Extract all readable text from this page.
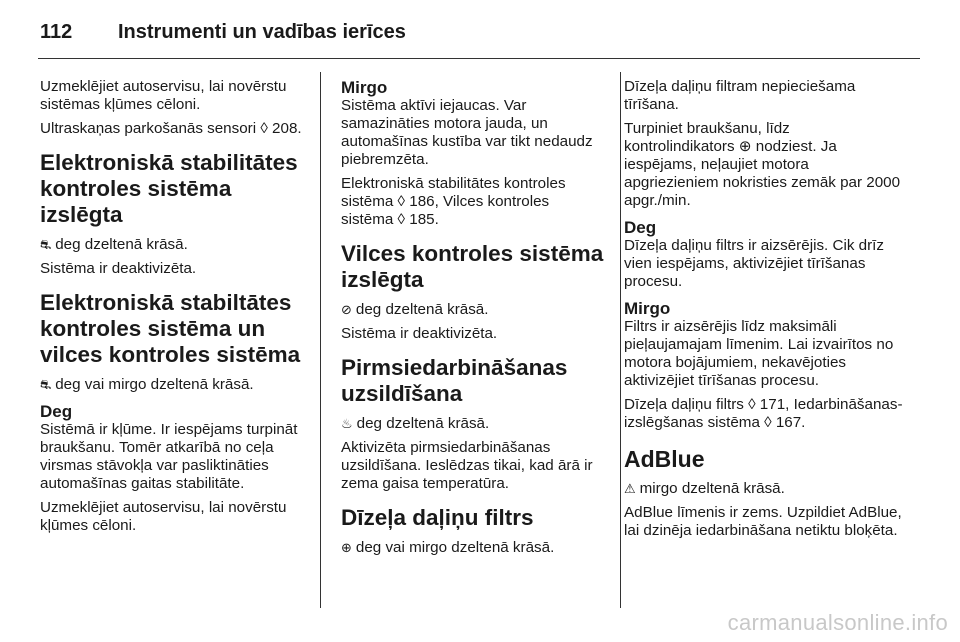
112	Instrumenti un vadības ierīces

Uzmeklējiet autoservisu, lai novērstu sistēmas kļūmes cēloni.

Ultraskaņas parkošanās sensori ◊ 208.

Elektroniskā stabilitātes kontroles sistēma izslēgta

⛐ deg dzeltenā krāsā.

Sistēma ir deaktivizēta.

Elektroniskā stabiltātes kontroles sistēma un vilces kontroles sistēma

⛐ deg vai mirgo dzeltenā krāsā.

Deg

Sistēmā ir kļūme. Ir iespējams turpināt braukšanu. Tomēr atkarībā no ceļa virsmas stāvokļa var pasliktināties automašīnas gaitas stabilitāte.

Uzmeklējiet autoservisu, lai novērstu kļūmes cēloni.

Mirgo

Sistēma aktīvi iejaucas. Var samazināties motora jauda, un automašīnas kustība var tikt nedaudz piebremzēta.

Elektroniskā stabilitātes kontroles sistēma ◊ 186, Vilces kontroles sistēma ◊ 185.

Vilces kontroles sistēma izslēgta

⊘ deg dzeltenā krāsā.

Sistēma ir deaktivizēta.

Pirmsiedarbināšanas uzsildīšana

♨ deg dzeltenā krāsā.

Aktivizēta pirmsiedarbināšanas uzsildīšana. Ieslēdzas tikai, kad ārā ir zema gaisa temperatūra.

Dīzeļa daļiņu filtrs

⊕ deg vai mirgo dzeltenā krāsā.

Dīzeļa daļiņu filtram nepieciešama tīrīšana.

Turpiniet braukšanu, līdz kontrolindikators ⊕ nodziest. Ja iespējams, neļaujiet motora apgriezieniem nokristies zemāk par 2000 apgr./min.

Deg

Dīzeļa daļiņu filtrs ir aizsērējis. Cik drīz vien iespējams, aktivizējiet tīrīšanas procesu.

Mirgo

Filtrs ir aizsērējis līdz maksimāli pieļaujamajam līmenim. Lai izvairītos no motora bojājumiem, nekavējoties aktivizējiet tīrīšanas procesu.

Dīzeļa daļiņu filtrs ◊ 171, Iedarbināšanas-izslēgšanas sistēma ◊ 167.

AdBlue

⚠ mirgo dzeltenā krāsā.

AdBlue līmenis ir zems. Uzpildiet AdBlue, lai dzinēja iedarbināšana netiktu bloķēta.

carmanualsonline.info
